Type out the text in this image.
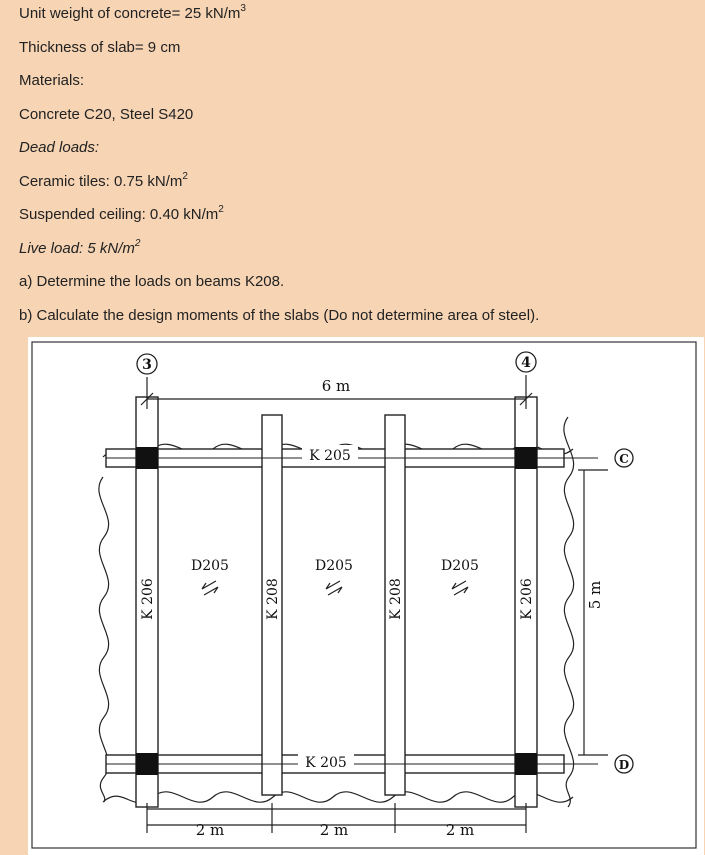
Unit weight of concrete= 25 $kN/m^3$
Thickness of slab= 9 cm
Materials:
Concrete C20, Steel S420
Dead loads:
Ceramic tiles: 0.75 $kN/m^2$
Suspended ceiling: 0.40 $kN/m^2$
Live load: 5 $kN/m^2$
a) Determine the loads on beams K208.
b) Calculate the design moments of the slabs (Do not determine area of steel).
3	4
C
D
6 m
5 m
2 m	2 m	2 m
K 205
K 205
K 206	K 208	K 208	K 206
D205	D205	D205
